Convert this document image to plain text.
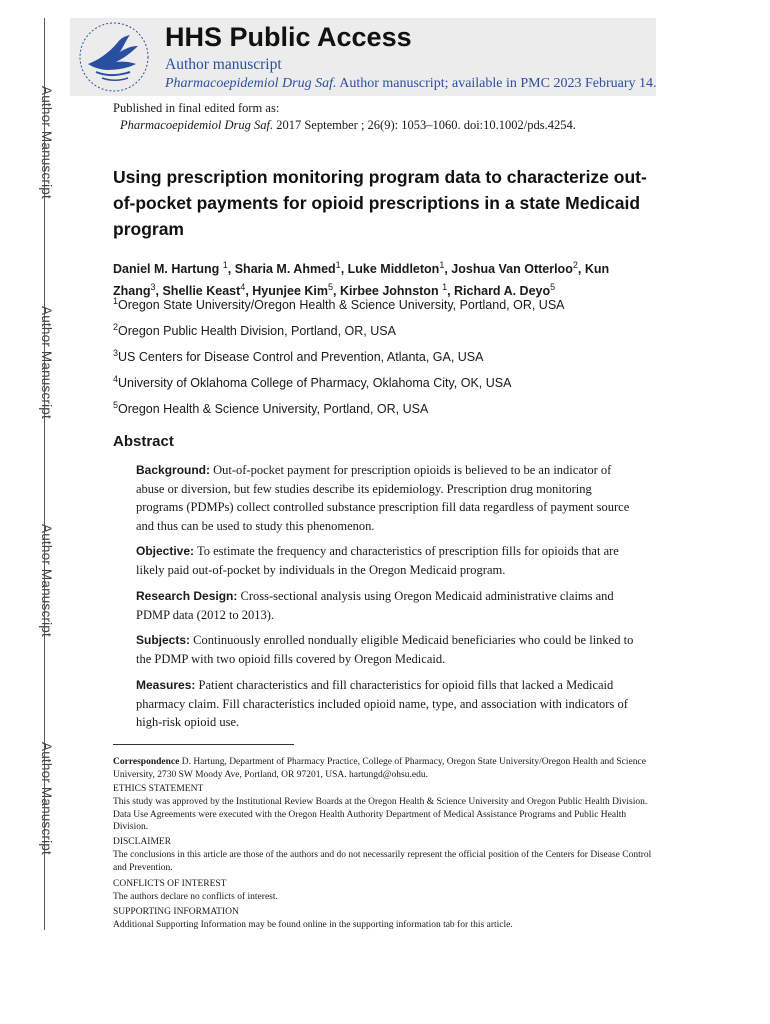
Author Manuscript
Author Manuscript
Author Manuscript
Author Manuscript
HHS Public Access
Author manuscript
Pharmacoepidemiol Drug Saf. Author manuscript; available in PMC 2023 February 14.
Published in final edited form as:
Pharmacoepidemiol Drug Saf. 2017 September ; 26(9): 1053–1060. doi:10.1002/pds.4254.
Using prescription monitoring program data to characterize out-of-pocket payments for opioid prescriptions in a state Medicaid program
Daniel M. Hartung $^1$, Sharia M. Ahmed$^1$, Luke Middleton$^1$, Joshua Van Otterloo$^2$, Kun Zhang$^3$, Shellie Keast$^4$, Hyunjee Kim$^5$, Kirbee Johnston $^1$, Richard A. Deyo$^5$
$^1$Oregon State University/Oregon Health & Science University, Portland, OR, USA
$^2$Oregon Public Health Division, Portland, OR, USA
$^3$US Centers for Disease Control and Prevention, Atlanta, GA, USA
$^4$University of Oklahoma College of Pharmacy, Oklahoma City, OK, USA
$^5$Oregon Health & Science University, Portland, OR, USA
Abstract
Background: Out-of-pocket payment for prescription opioids is believed to be an indicator of abuse or diversion, but few studies describe its epidemiology. Prescription drug monitoring programs (PDMPs) collect controlled substance prescription fill data regardless of payment source and thus can be used to study this phenomenon.
Objective: To estimate the frequency and characteristics of prescription fills for opioids that are likely paid out-of-pocket by individuals in the Oregon Medicaid program.
Research Design: Cross-sectional analysis using Oregon Medicaid administrative claims and PDMP data (2012 to 2013).
Subjects: Continuously enrolled nondually eligible Medicaid beneficiaries who could be linked to the PDMP with two opioid fills covered by Oregon Medicaid.
Measures: Patient characteristics and fill characteristics for opioid fills that lacked a Medicaid pharmacy claim. Fill characteristics included opioid name, type, and association with indicators of high-risk opioid use.
Correspondence D. Hartung, Department of Pharmacy Practice, College of Pharmacy, Oregon State University/Oregon Health and Science University, 2730 SW Moody Ave, Portland, OR 97201, USA. hartungd@ohsu.edu.
ETHICS STATEMENT
This study was approved by the Institutional Review Boards at the Oregon Health & Science University and Oregon Public Health Division. Data Use Agreements were executed with the Oregon Health Authority Department of Medical Assistance Programs and Public Health Division.
DISCLAIMER
The conclusions in this article are those of the authors and do not necessarily represent the official position of the Centers for Disease Control and Prevention.
CONFLICTS OF INTEREST
The authors declare no conflicts of interest.
SUPPORTING INFORMATION
Additional Supporting Information may be found online in the supporting information tab for this article.
